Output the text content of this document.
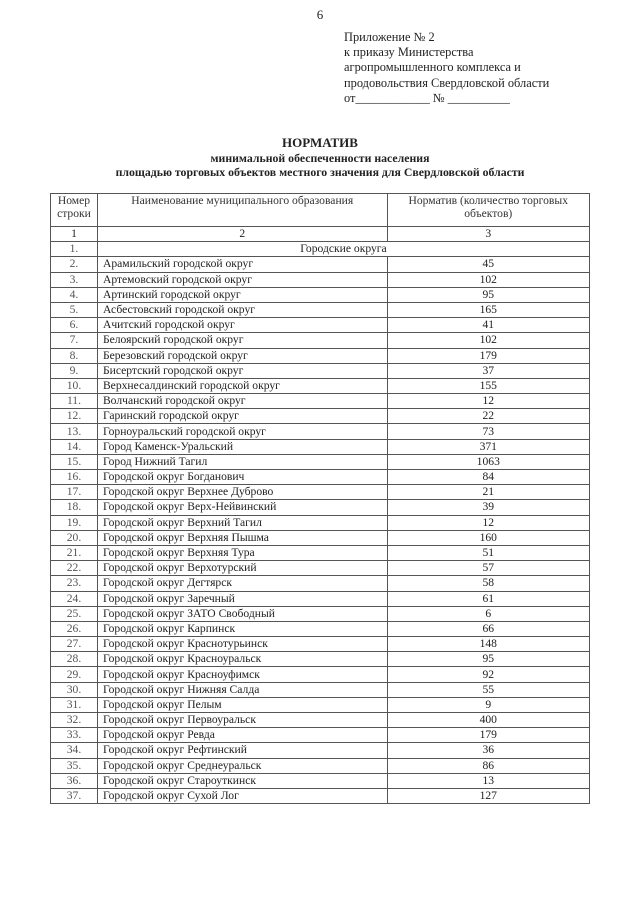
6
Приложение № 2
к приказу Министерства
агропромышленного комплекса и
продовольствия Свердловской области
от____________ № __________
НОРМАТИВ
минимальной обеспеченности населения
площадью торговых объектов местного значения для Свердловской области
Номер строки	Наименование муниципального образования	Норматив (количество торговых объектов)
1	2	3
1.	Городские округа	
2.	Арамильский городской округ	45
3.	Артемовский городской округ	102
4.	Артинский городской округ	95
5.	Асбестовский городской округ	165
6.	Ачитский городской округ	41
7.	Белоярский городской округ	102
8.	Березовский городской округ	179
9.	Бисертский городской округ	37
10.	Верхнесалдинский городской округ	155
11.	Волчанский городской округ	12
12.	Гаринский городской округ	22
13.	Горноуральский городской округ	73
14.	Город Каменск-Уральский	371
15.	Город Нижний Тагил	1063
16.	Городской округ Богданович	84
17.	Городской округ Верхнее Дуброво	21
18.	Городской округ Верх-Нейвинский	39
19.	Городской округ Верхний Тагил	12
20.	Городской округ Верхняя Пышма	160
21.	Городской округ Верхняя Тура	51
22.	Городской округ Верхотурский	57
23.	Городской округ Дегтярск	58
24.	Городской округ Заречный	61
25.	Городской округ ЗАТО Свободный	6
26.	Городской округ Карпинск	66
27.	Городской округ Краснотурьинск	148
28.	Городской округ Красноуральск	95
29.	Городской округ Красноуфимск	92
30.	Городской округ Нижняя Салда	55
31.	Городской округ Пелым	9
32.	Городской округ Первоуральск	400
33.	Городской округ Ревда	179
34.	Городской округ Рефтинский	36
35.	Городской округ Среднеуральск	86
36.	Городской округ Староуткинск	13
37.	Городской округ Сухой Лог	127
